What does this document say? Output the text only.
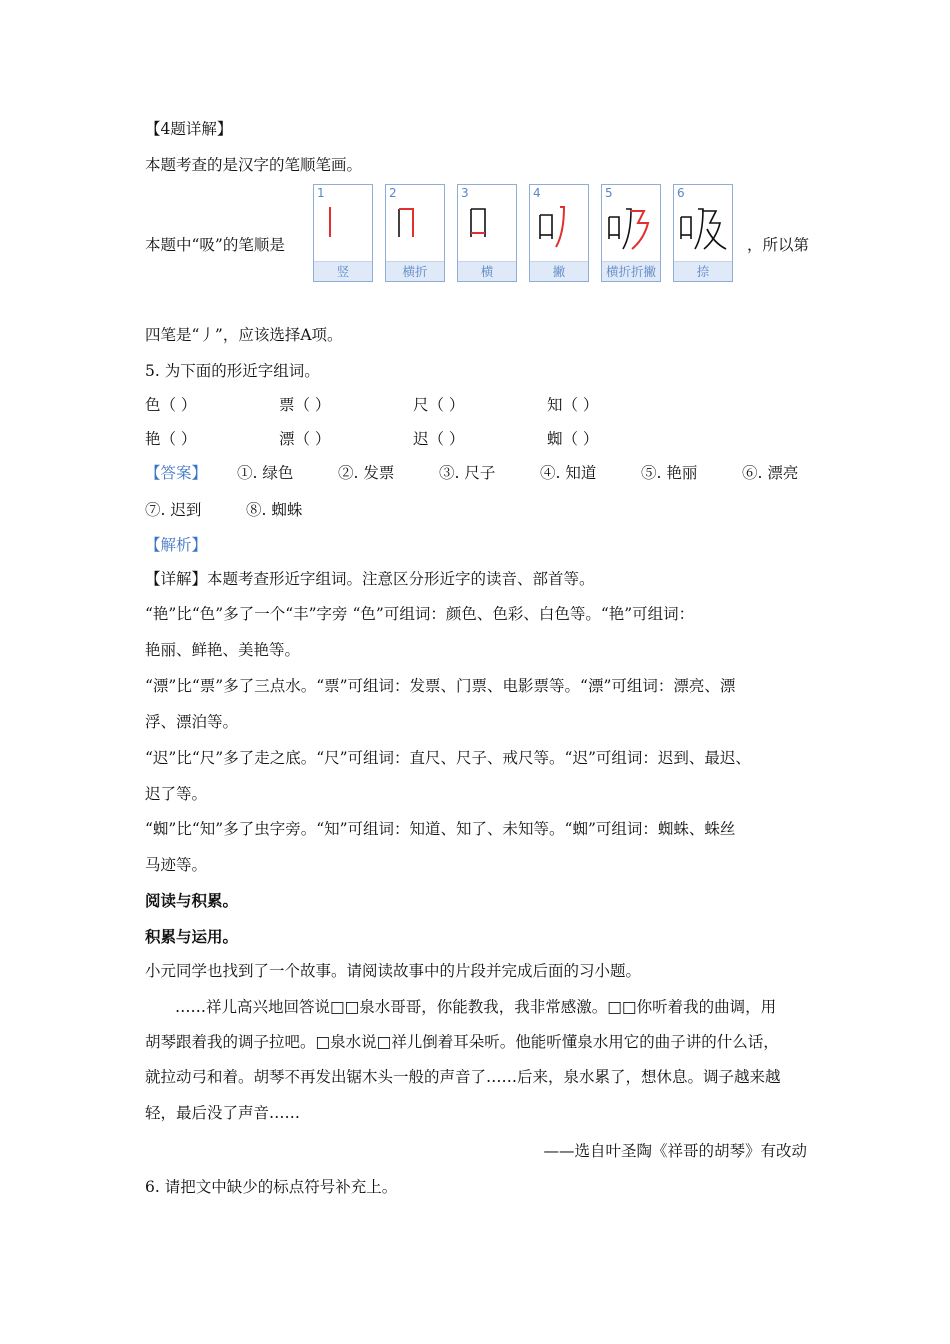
【4题详解】
本题考查的是汉字的笔顺笔画。
本题中“吸”的笔顺是
1
竖
2
横折
3
横
4
撇
5
横折折撇
6
捺
，所以第
四笔是“丿”，应该选择A项。
5. 为下面的形近字组词。
色（ ）	票（ ）	尺（ ）	知（ ）
艳（ ）	漂（ ）	迟（ ）	蜘（ ）
【答案】 ①. 绿色	②. 发票	③. 尺子	④. 知道	⑤. 艳丽	⑥. 漂亮
⑦. 迟到	⑧. 蜘蛛
【解析】
【详解】本题考查形近字组词。注意区分形近字的读音、部首等。
“艳”比“色”多了一个“丰”字旁 “色”可组词：颜色、色彩、白色等。“艳”可组词：
艳丽、鲜艳、美艳等。
“漂”比“票”多了三点水。“票”可组词：发票、门票、电影票等。“漂”可组词：漂亮、漂
浮、漂泊等。
“迟”比“尺”多了走之底。“尺”可组词：直尺、尺子、戒尺等。“迟”可组词：迟到、最迟、
迟了等。
“蜘”比“知”多了虫字旁。“知”可组词：知道、知了、未知等。“蜘”可组词：蜘蛛、蛛丝
马迹等。
阅读与积累。
积累与运用。
小元同学也找到了一个故事。请阅读故事中的片段并完成后面的习小题。
……祥儿高兴地回答说□□泉水哥哥，你能教我，我非常感激。□□你听着我的曲调，用
胡琴跟着我的调子拉吧。□泉水说□祥儿倒着耳朵听。他能听懂泉水用它的曲子讲的什么话，
就拉动弓和着。胡琴不再发出锯木头一般的声音了……后来，泉水累了，想休息。调子越来越
轻，最后没了声音……
——选自叶圣陶《祥哥的胡琴》有改动
6. 请把文中缺少的标点符号补充上。
